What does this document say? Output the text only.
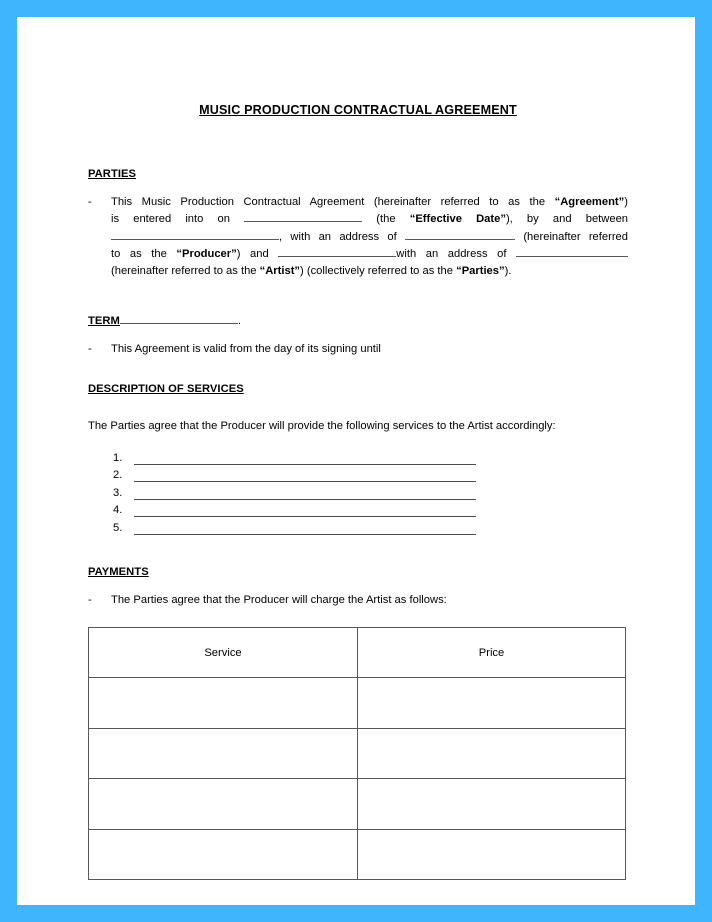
MUSIC PRODUCTION CONTRACTUAL AGREEMENT
PARTIES
-	This Music Production Contractual Agreement (hereinafter referred to as the “Agreement”)
is entered into on	(the “Effective Date”), by and between
, with an address of	(hereinafter referred
to as the “Producer”) and	with an address of
(hereinafter referred to as the “Artist”) (collectively referred to as the “Parties”).
TERM	.
-	This Agreement is valid from the day of its signing until
DESCRIPTION OF SERVICES
The Parties agree that the Producer will provide the following services to the Artist accordingly:
1.
2.
3.
4.
5.
PAYMENTS
-	The Parties agree that the Producer will charge the Artist as follows:
Service	Price
